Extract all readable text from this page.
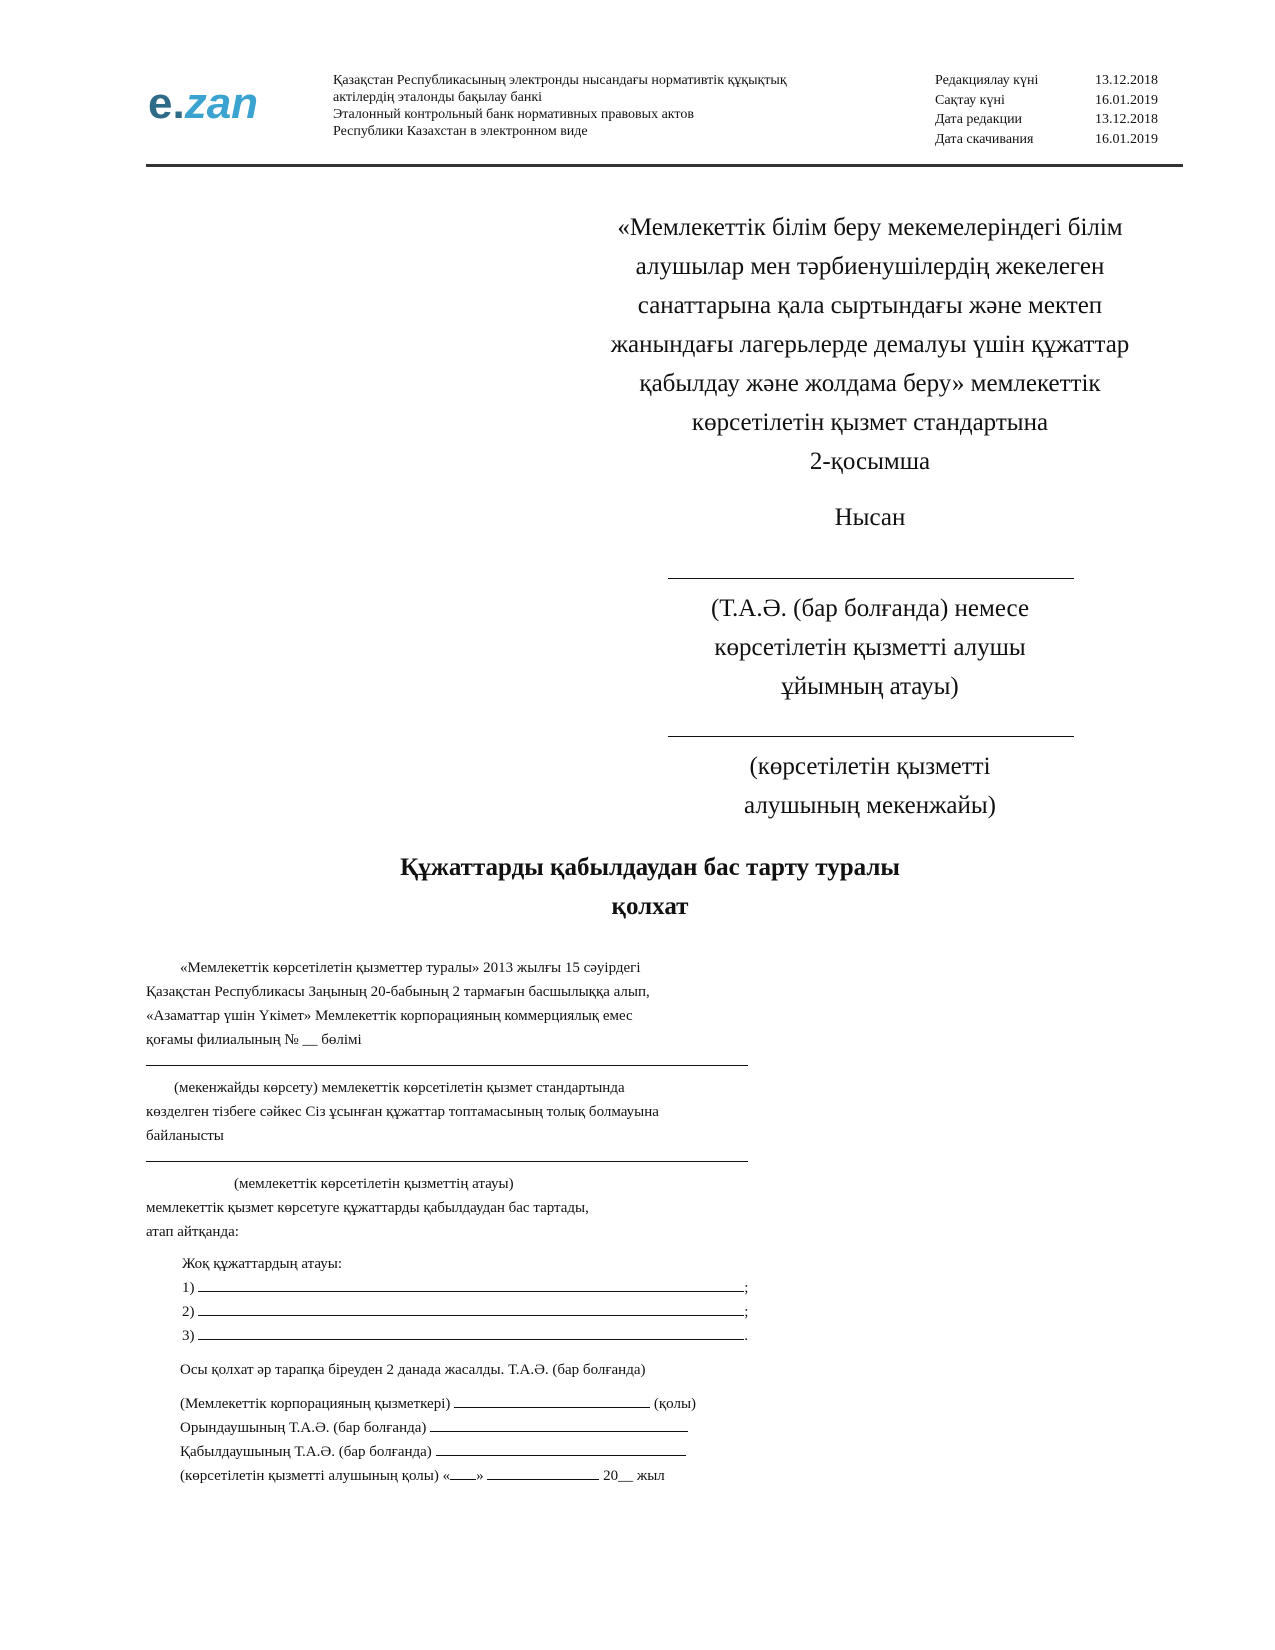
e.zan	Қазақстан Республикасының электронды нысандағы нормативтік құқықтық
актілердің эталонды бақылау банкі
Эталонный контрольный банк нормативных правовых актов
Республики Казахстан в электронном виде
Редакциялау күні	13.12.2018
Сақтау күні	16.01.2019
Дата редакции	13.12.2018
Дата скачивания	16.01.2019
«Мемлекеттік білім беру мекемелеріндегі білім
алушылар мен тәрбиенушілердің жекелеген
санаттарына қала сыртындағы және мектеп
жанындағы лагерьлерде демалуы үшін құжаттар
қабылдау және жолдама беру» мемлекеттік
көрсетілетін қызмет стандартына
2-қосымша
Нысан
(Т.А.Ә. (бар болғанда) немесе
көрсетілетін қызметті алушы
ұйымның атауы)
(көрсетілетін қызметті
алушының мекенжайы)
Құжаттарды қабылдаудан бас тарту туралы
қолхат
«Мемлекеттік көрсетілетін қызметтер туралы» 2013 жылғы 15 сәуірдегі
Қазақстан Республикасы Заңының 20-бабының 2 тармағын басшылыққа алып,
«Азаматтар үшін Үкімет» Мемлекеттік корпорацияның коммерциялық емес
қоғамы филиалының № __ бөлімі
(мекенжайды көрсету) мемлекеттік көрсетілетін қызмет стандартында
көзделген тізбеге сәйкес Сіз ұсынған құжаттар топтамасының толық болмауына
байланысты
(мемлекеттік көрсетілетін қызметтің атауы)
мемлекеттік қызмет көрсетуге құжаттарды қабылдаудан бас тартады,
атап айтқанда:
Жоқ құжаттардың атауы:
1)	;
2)	;
3)	.
Осы қолхат әр тарапқа біреуден 2 данада жасалды. Т.А.Ә. (бар болғанда)
(Мемлекеттік корпорацияның қызметкері)	(қолы)
Орындаушының Т.А.Ә. (бар болғанда)
Қабылдаушының Т.А.Ә. (бар болғанда)
(көрсетілетін қызметті алушының қолы) « »	20__ жыл
